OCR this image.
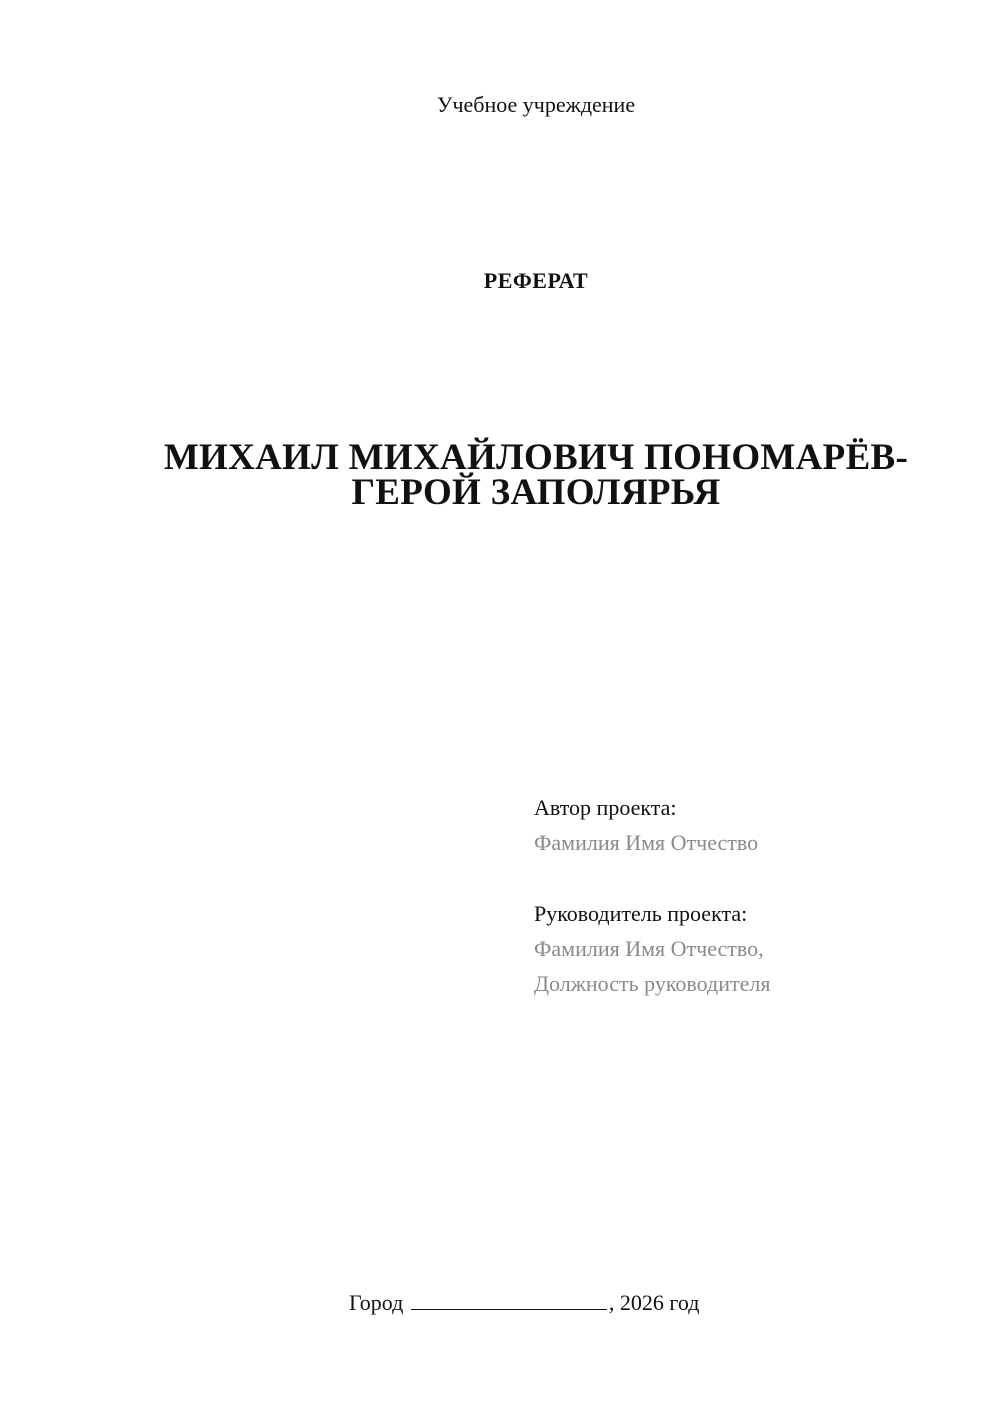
Учебное учреждение
РЕФЕРАТ
МИХАИЛ МИХАЙЛОВИЧ ПОНОМАРЁВ-
ГЕРОЙ ЗАПОЛЯРЬЯ
Автор проекта:
Фамилия Имя Отчество
Руководитель проекта:
Фамилия Имя Отчество,
Должность руководителя
Город	, 2026 год
